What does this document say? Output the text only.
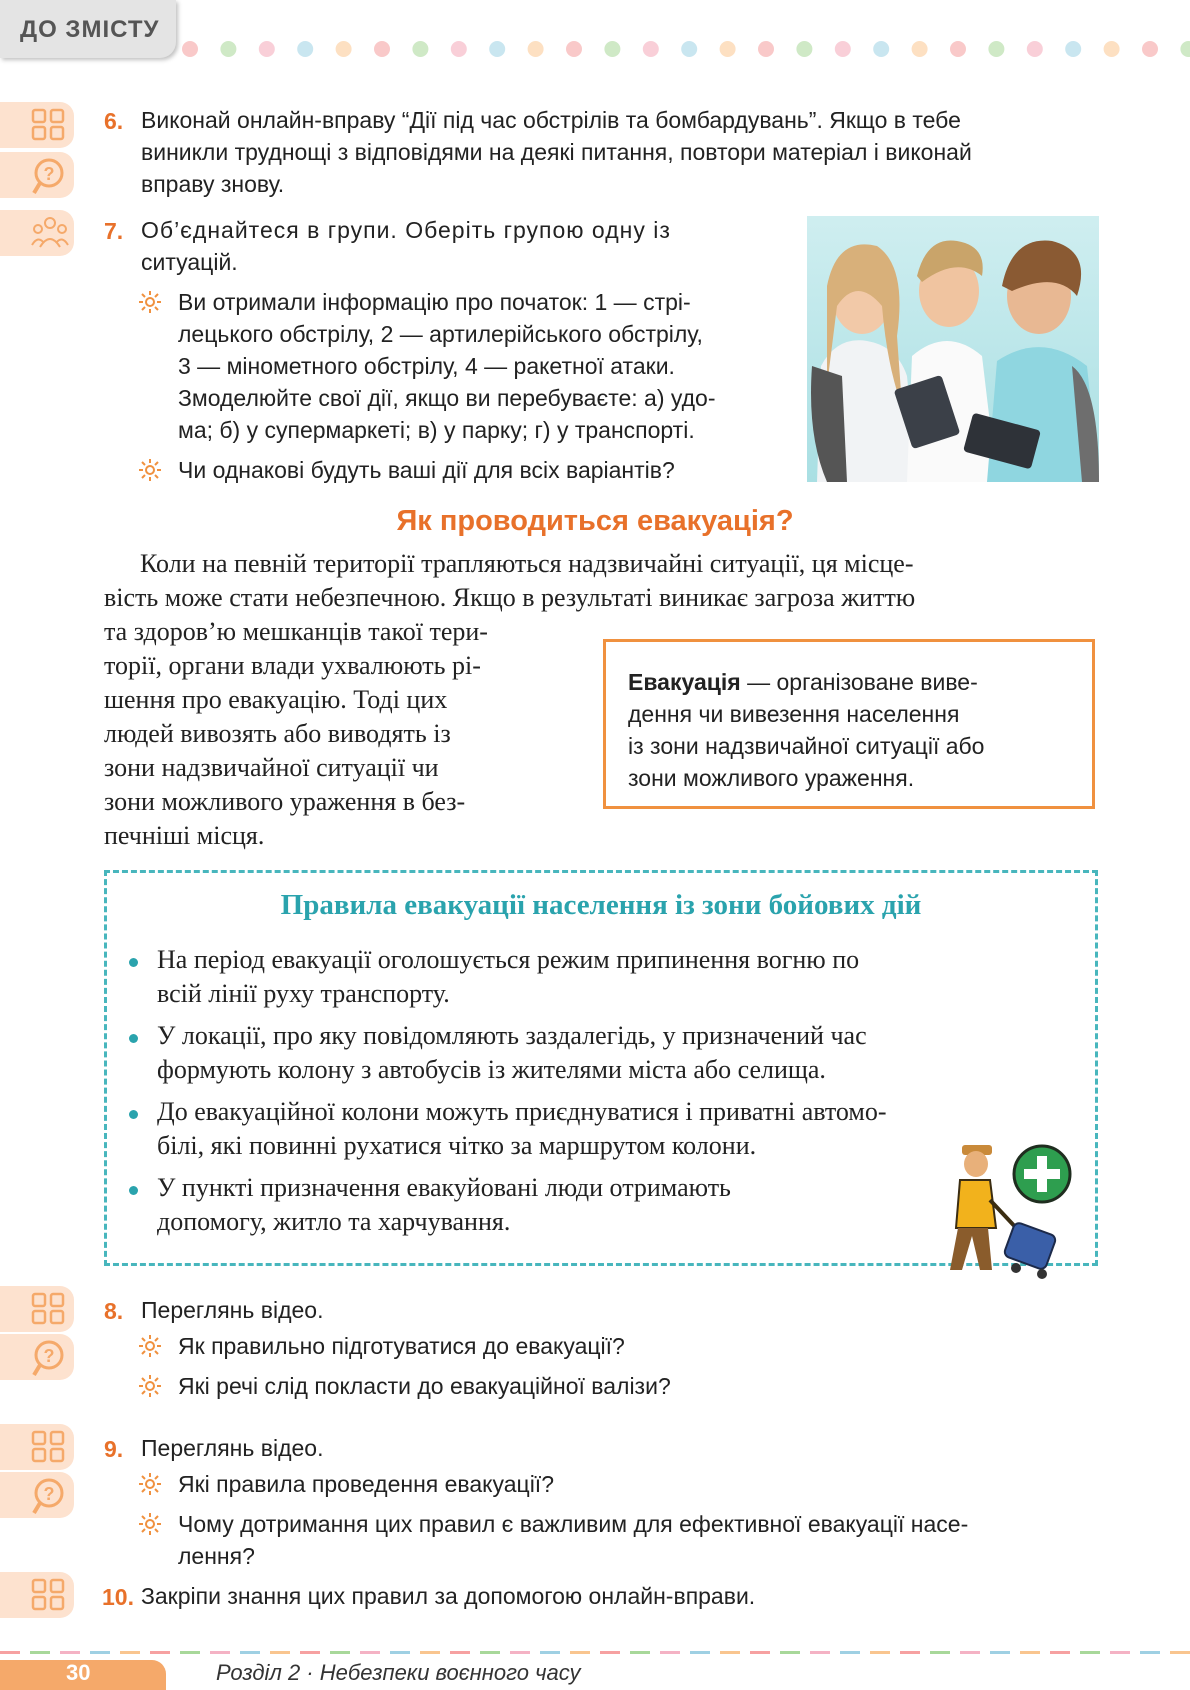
ДО ЗМІСТУ
?
?
?
6. Виконай онлайн-вправу “Дії під час обстрілів та бомбардувань”. Якщо в тебе
виникли труднощі з відповідями на деякі питання, повтори матеріал і виконай
вправу знову.
7. Об’єднайтеся в групи. Оберіть групою одну із
ситуацій.
Ви отримали інформацію про початок: 1 — стрі-
лецького обстрілу, 2 — артилерійського обстрілу,
3 — мінометного обстрілу, 4 — ракетної атаки.
Змоделюйте свої дії, якщо ви перебуваєте: а) удо-
ма; б) у супермаркеті; в) у парку; г) у транспорті.
Чи однакові будуть ваші дії для всіх варіантів?
Як проводиться евакуація?
Коли на певній території трапляються надзвичайні ситуації, ця місце-
вість може стати небезпечною. Якщо в результаті виникає загроза життю
та здоров’ю мешканців такої тери-
торії, органи влади ухвалюють рі-
шення про евакуацію. Тоді цих
людей вивозять або виводять із
зони надзвичайної ситуації чи
зони можливого ураження в без-
печніші місця.

Евакуація — організоване виве-
дення чи вивезення населення
із зони надзвичайної ситуації або
зони можливого ураження.

Правила евакуації населення із зони бойових дій
На період евакуації оголошується режим припинення вогню по
всій лінії руху транспорту.
У локації, про яку повідомляють заздалегідь, у призначений час
формують колону з автобусів із жителями міста або селища.
До евакуаційної колони можуть приєднуватися і приватні автомо-
білі, які повинні рухатися чітко за маршрутом колони.
У пункті призначення евакуйовані люди отримають
допомогу, житло та харчування.
8. Переглянь відео.
Як правильно підготуватися до евакуації?
Які речі слід покласти до евакуаційної валізи?
9. Переглянь відео.
Які правила проведення евакуації?
Чому дотримання цих правил є важливим для ефективної евакуації насе-
лення?
10. Закріпи знання цих правил за допомогою онлайн-вправи.
30	Розділ 2 · Небезпеки воєнного часу
